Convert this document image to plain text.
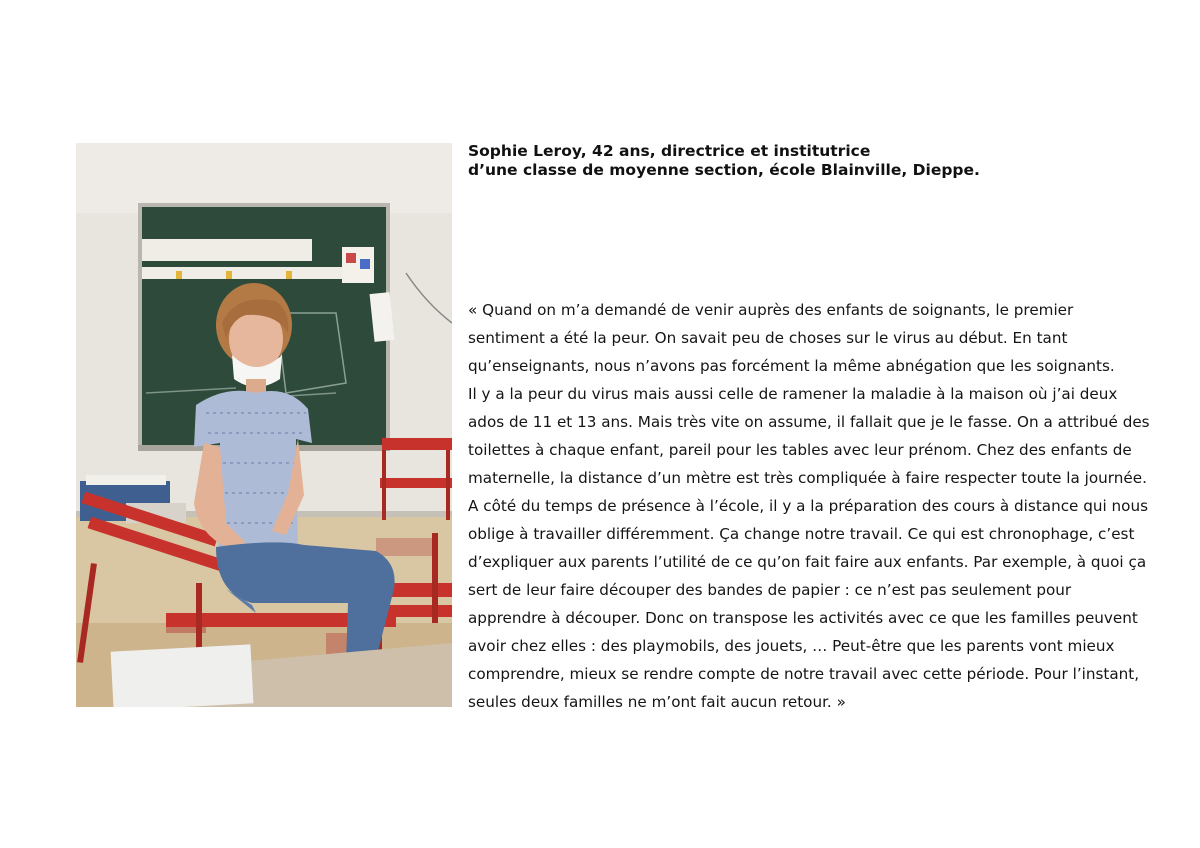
Sophie Leroy, 42 ans, directrice et institutrice
d’une classe de moyenne section, école Blainville, Dieppe.
« Quand on m’a demandé de venir auprès des enfants de soignants, le premier
sentiment a été la peur. On savait peu de choses sur le virus au début. En tant
qu’enseignants, nous n’avons pas forcément la même abnégation que les soignants.
Il y a la peur du virus mais aussi celle de ramener la maladie à la maison où j’ai deux
ados de 11 et 13 ans. Mais très vite on assume, il fallait que je le fasse. On a attribué des
toilettes à chaque enfant, pareil pour les tables avec leur prénom. Chez des enfants de
maternelle, la distance d’un mètre est très compliquée à faire respecter toute la journée.
A côté du temps de présence à l’école, il y a la préparation des cours à distance qui nous
oblige à travailler différemment. Ça change notre travail. Ce qui est chronophage, c’est
d’expliquer aux parents l’utilité de ce qu’on fait faire aux enfants. Par exemple, à quoi ça
sert de leur faire découper des bandes de papier : ce n’est pas seulement pour
apprendre à découper. Donc on transpose les activités avec ce que les familles peuvent
avoir chez elles : des playmobils, des jouets, … Peut-être que les parents vont mieux
comprendre, mieux se rendre compte de notre travail avec cette période. Pour l’instant,
seules deux familles ne m’ont fait aucun retour. »
